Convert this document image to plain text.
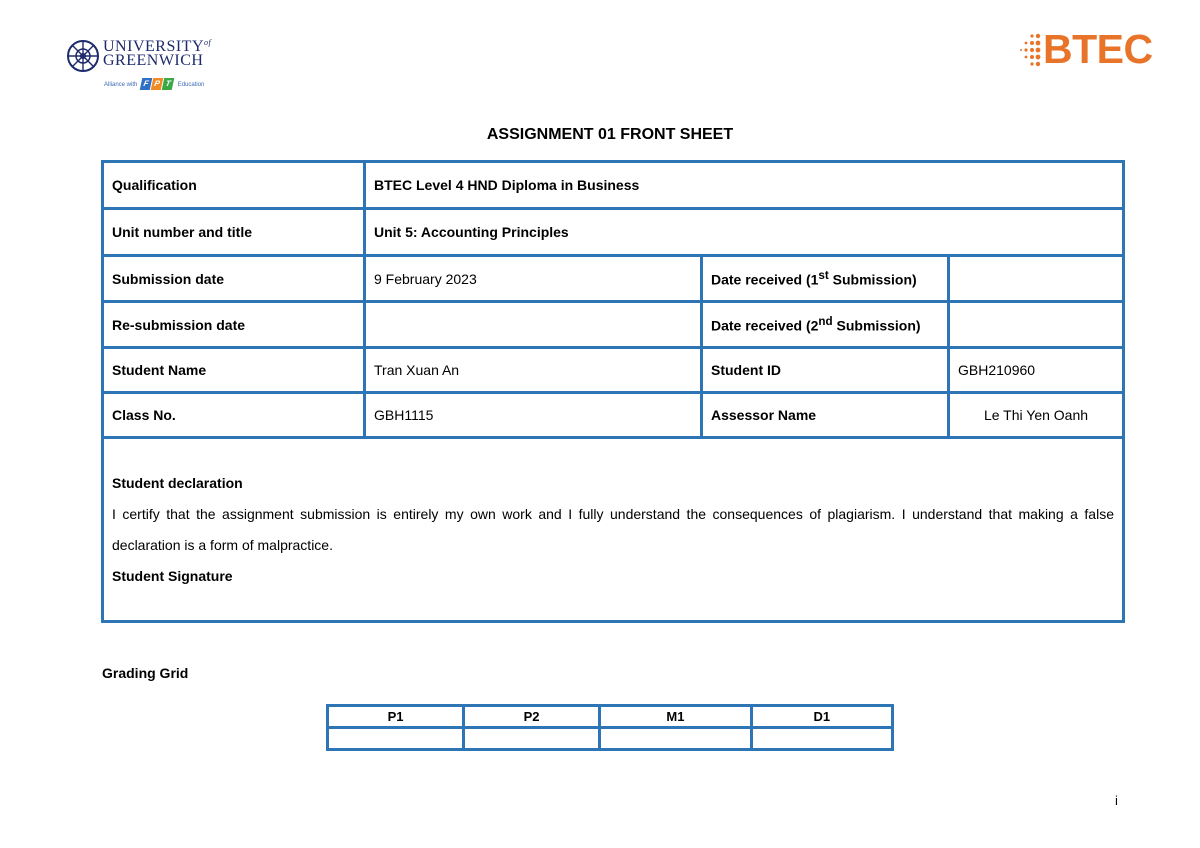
$UNIVERSITY^{of}$
GREENWICH
Alliance with F P T Education
BTEC
ASSIGNMENT 01 FRONT SHEET
Qualification	BTEC Level 4 HND Diploma in Business		
Unit number and title	Unit 5: Accounting Principles		
Submission date	9 February 2023	Date received (1st Submission)	
Re-submission date		Date received (2nd Submission)	
Student Name	Tran Xuan An	Student ID	GBH210960
Class No.	GBH1115	Assessor Name	Le Thi Yen Oanh

Student declaration
I certify that the assignment submission is entirely my own work and I fully understand the consequences of plagiarism. I understand that making a false declaration is a form of malpractice.
Student Signature			
Grading Grid
P1	P2	M1	D1

i
